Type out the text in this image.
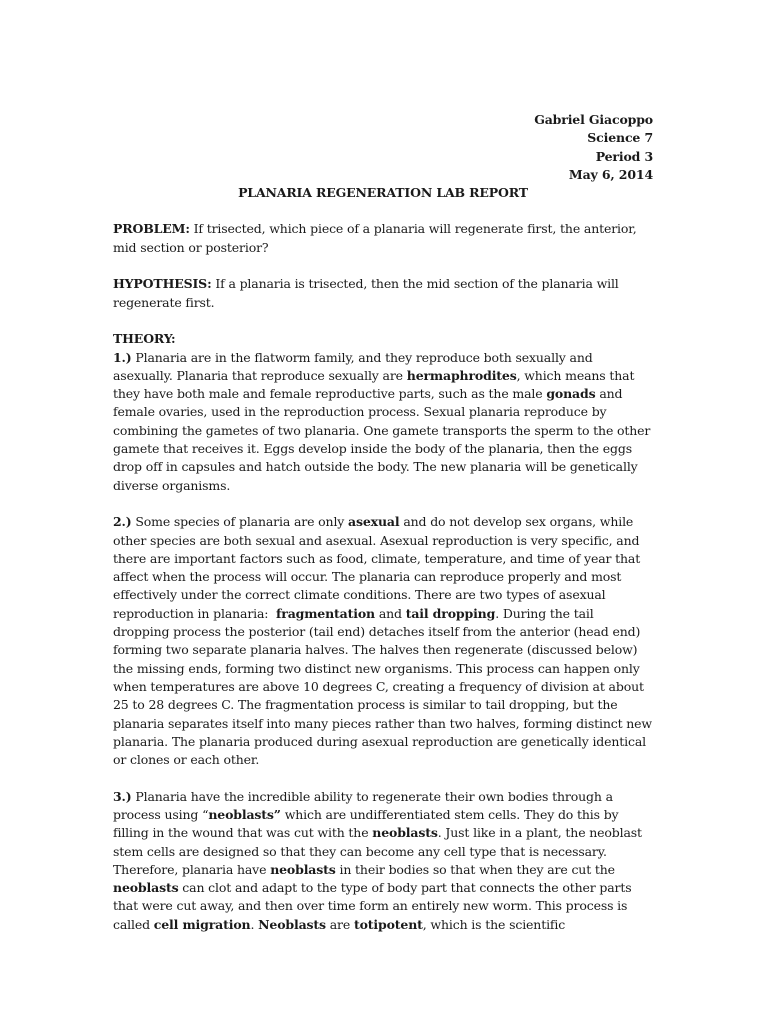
Gabriel Giacoppo
Science 7
Period 3
May 6, 2014
PLANARIA REGENERATION LAB REPORT

PROBLEM: If trisected, which piece of a planaria will regenerate first, the anterior, mid section or posterior?

HYPOTHESIS: If a planaria is trisected, then the mid section of the planaria will regenerate first.

THEORY:

1.) Planaria are in the flatworm family, and they reproduce both sexually and asexually. Planaria that reproduce sexually are hermaphrodites, which means that they have both male and female reproductive parts, such as the male gonads and female ovaries, used in the reproduction process. Sexual planaria reproduce by combining the gametes of two planaria. One gamete transports the sperm to the other gamete that receives it. Eggs develop inside the body of the planaria, then the eggs drop off in capsules and hatch outside the body. The new planaria will be genetically diverse organisms.

2.) Some species of planaria are only asexual and do not develop sex organs, while other species are both sexual and asexual. Asexual reproduction is very specific, and there are important factors such as food, climate, temperature, and time of year that affect when the process will occur. The planaria can reproduce properly and most effectively under the correct climate conditions. There are two types of asexual reproduction in planaria: fragmentation and tail dropping. During the tail dropping process the posterior (tail end) detaches itself from the anterior (head end) forming two separate planaria halves. The halves then regenerate (discussed below) the missing ends, forming two distinct new organisms. This process can happen only when temperatures are above 10 degrees C, creating a frequency of division at about 25 to 28 degrees C. The fragmentation process is similar to tail dropping, but the planaria separates itself into many pieces rather than two halves, forming distinct new planaria. The planaria produced during asexual reproduction are genetically identical or clones or each other.

3.) Planaria have the incredible ability to regenerate their own bodies through a process using “neoblasts” which are undifferentiated stem cells. They do this by filling in the wound that was cut with the neoblasts. Just like in a plant, the neoblast stem cells are designed so that they can become any cell type that is necessary. Therefore, planaria have neoblasts in their bodies so that when they are cut the neoblasts can clot and adapt to the type of body part that connects the other parts that were cut away, and then over time form an entirely new worm. This process is called cell migration. Neoblasts are totipotent, which is the scientific
